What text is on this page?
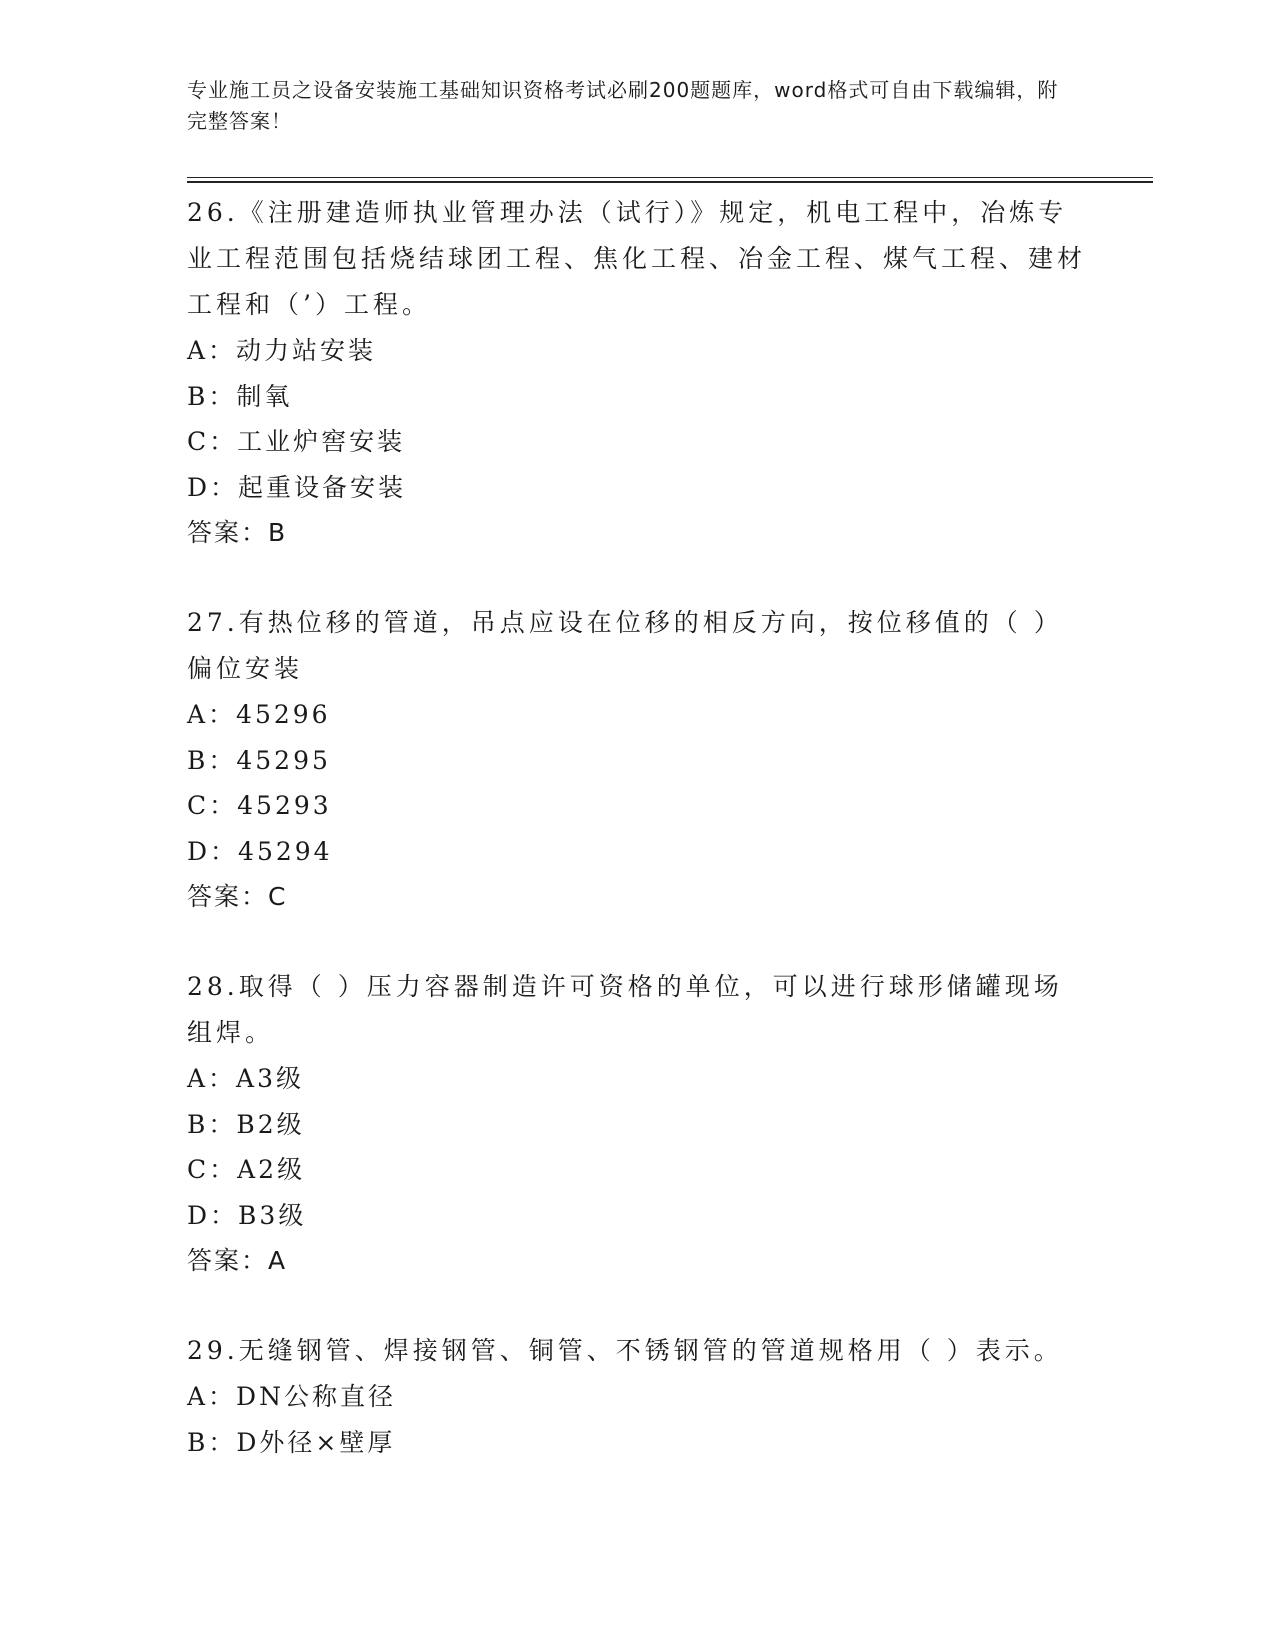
专业施工员之设备安装施工基础知识资格考试必刷200题题库，word格式可自由下载编辑，附完整答案！

26.《注册建造师执业管理办法（试行）》规定，机电工程中，冶炼专业工程范围包括烧结球团工程、焦化工程、冶金工程、煤气工程、建材工程和（’）工程。

A：动力站安装

B：制氧

C：工业炉窖安装

D：起重设备安装

答案：B

27.有热位移的管道，吊点应设在位移的相反方向，按位移值的（ ）偏位安装

A：45296

B：45295

C：45293

D：45294

答案：C

28.取得（ ）压力容器制造许可资格的单位，可以进行球形储罐现场组焊。

A：A3级

B：B2级

C：A2级

D：B3级

答案：A

29.无缝钢管、焊接钢管、铜管、不锈钢管的管道规格用（ ）表示。

A：DN公称直径

B：D外径×壁厚
